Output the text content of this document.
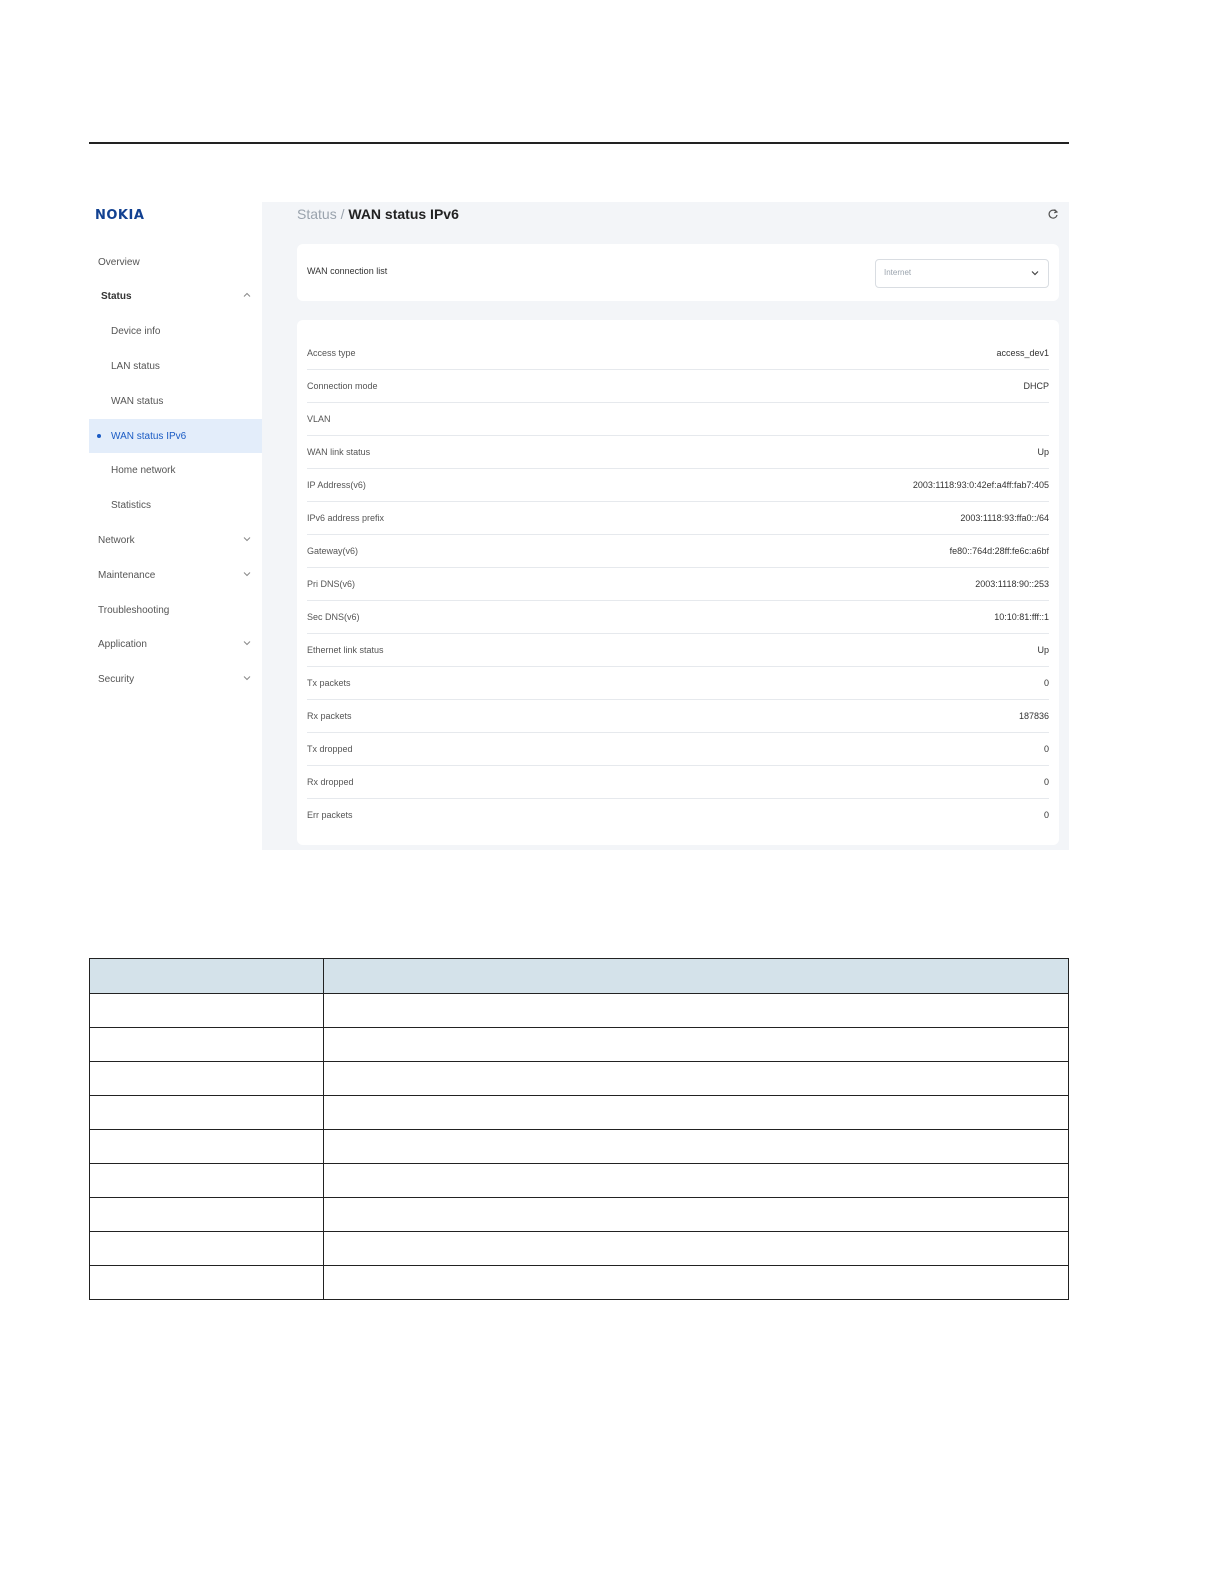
NOKIA
Overview
Status
Device info
LAN status
WAN status
WAN status IPv6
Home network
Statistics
Network
Maintenance
Troubleshooting
Application
Security
Status / WAN status IPv6
WAN connection list	Internet
Access type	access_dev1
Connection mode	DHCP
VLAN
WAN link status	Up
IP Address(v6)	2003:1118:93:0:42ef:a4ff:fab7:405
IPv6 address prefix	2003:1118:93:ffa0::/64
Gateway(v6)	fe80::764d:28ff:fe6c:a6bf
Pri DNS(v6)	2003:1118:90::253
Sec DNS(v6)	10:10:81:fff::1
Ethernet link status	Up
Tx packets	0
Rx packets	187836
Tx dropped	0
Rx dropped	0
Err packets	0
